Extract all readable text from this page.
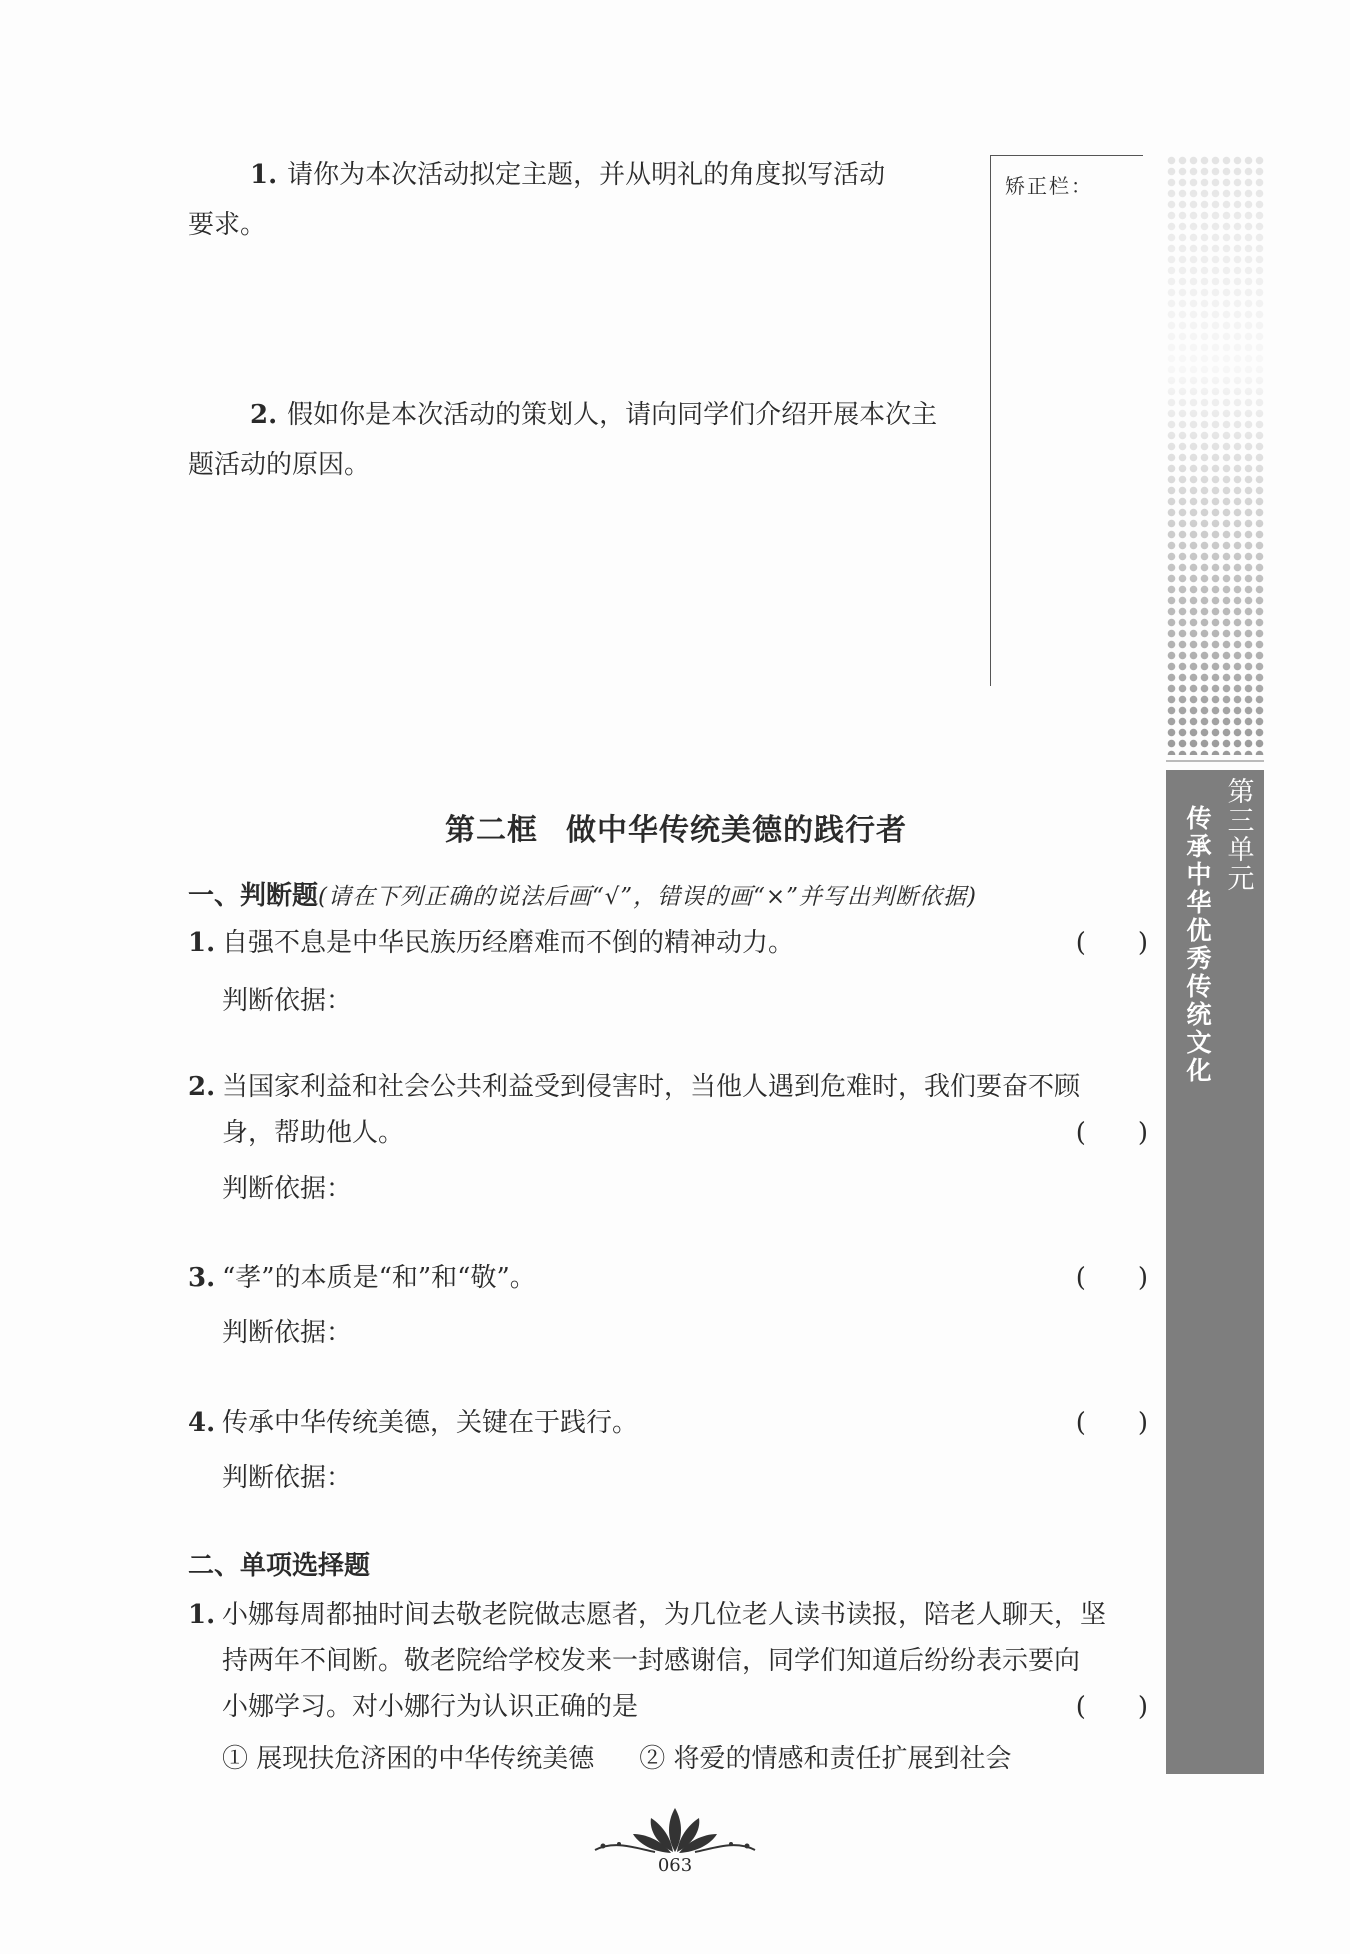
1. 请你为本次活动拟定主题，并从明礼的角度拟写活动
要求。
2. 假如你是本次活动的策划人，请向同学们介绍开展本次主
题活动的原因。
矫正栏：
第三单元
传承中华优秀传统文化
第二框 做中华传统美德的践行者
一、判断题(请在下列正确的说法后画“√”，错误的画“×”并写出判断依据)
1. 自强不息是中华民族历经磨难而不倒的精神动力。	(　　)
判断依据：
2. 当国家利益和社会公共利益受到侵害时，当他人遇到危难时，我们要奋不顾
身，帮助他人。	(　　)
判断依据：
3. “孝”的本质是“和”和“敬”。	(　　)
判断依据：
4. 传承中华传统美德，关键在于践行。	(　　)
判断依据：
二、单项选择题
1. 小娜每周都抽时间去敬老院做志愿者，为几位老人读书读报，陪老人聊天，坚
持两年不间断。敬老院给学校发来一封感谢信，同学们知道后纷纷表示要向
小娜学习。对小娜行为认识正确的是	(　　)
① 展现扶危济困的中华传统美德 ② 将爱的情感和责任扩展到社会
063
